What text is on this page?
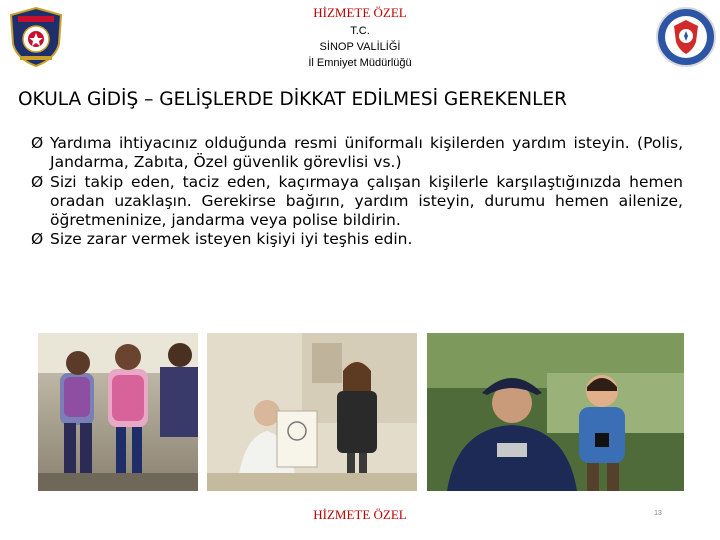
HİZMETE ÖZEL
T.C.
SİNOP VALİLİĞİ
İl Emniyet Müdürlüğü
OKULA GİDİŞ – GELİŞLERDE DİKKAT EDİLMESİ GEREKENLER
Ø Yardıma ihtiyacınız olduğunda resmi üniformalı kişilerden yardım isteyin. (Polis, Jandarma, Zabıta, Özel güvenlik görevlisi vs.)
Ø Sizi takip eden, taciz eden, kaçırmaya çalışan kişilerle karşılaştığınızda hemen oradan uzaklaşın. Gerekirse bağırın, yardım isteyin, durumu hemen ailenize, öğretmeninize, jandarma veya polise bildirin.
Ø Size zarar vermek isteyen kişiyi iyi teşhis edin.
HİZMETE ÖZEL	13
